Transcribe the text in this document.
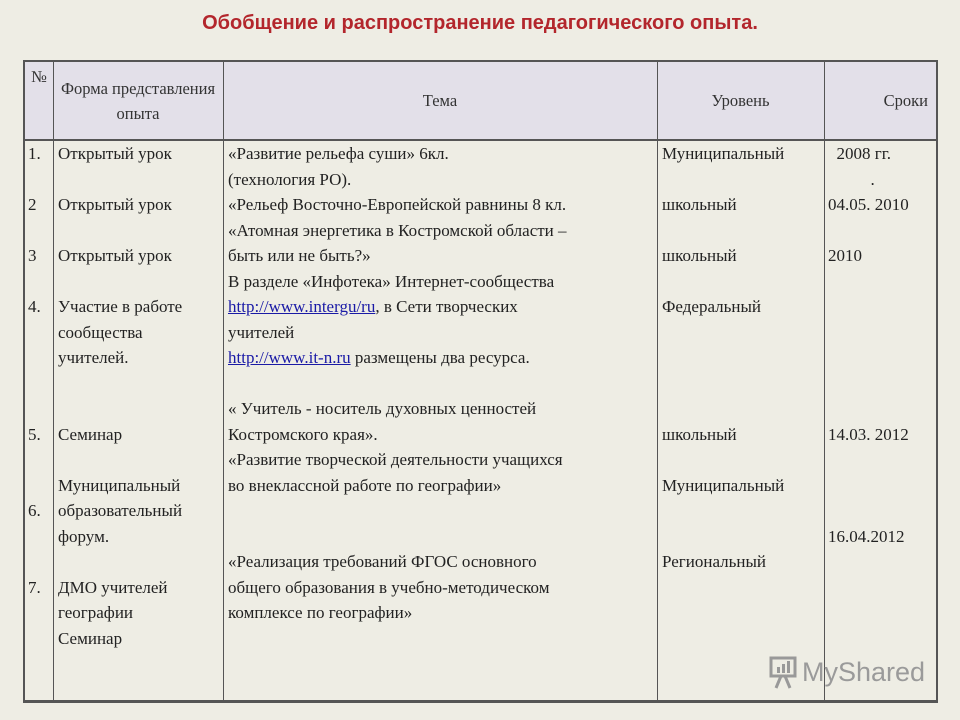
Обобщение и распространение педагогического опыта.
№
Форма представления опыта
Тема	Уровень	Сроки
1.
2
3
4.
5.
6.
7.
Открытый урок
Открытый урок
Открытый урок
Участие в работе
сообщества
учителей.
Семинар
Муниципальный
образовательный
форум.
ДМО учителей
географии
Семинар
«Развитие рельефа суши» 6кл.
(технология РО).
«Рельеф Восточно-Европейской равнины 8 кл.
«Атомная энергетика в Костромской области –
быть или не быть?»
В разделе «Инфотека» Интернет-сообщества
http://www.intergu/ru, в Сети творческих
учителей
http://www.it-n.ru размещены два ресурса.
« Учитель - носитель духовных ценностей
Костромского края».
«Развитие творческой деятельности учащихся
во внеклассной работе по географии»
«Реализация требований ФГОС основного
общего образования в учебно-методическом
комплексе по географии»
Муниципальный
школьный
школьный
Федеральный
школьный
Муниципальный
Региональный
2008 гг.
.
04.05. 2010
2010
14.03. 2012
16.04.2012
MyShared
